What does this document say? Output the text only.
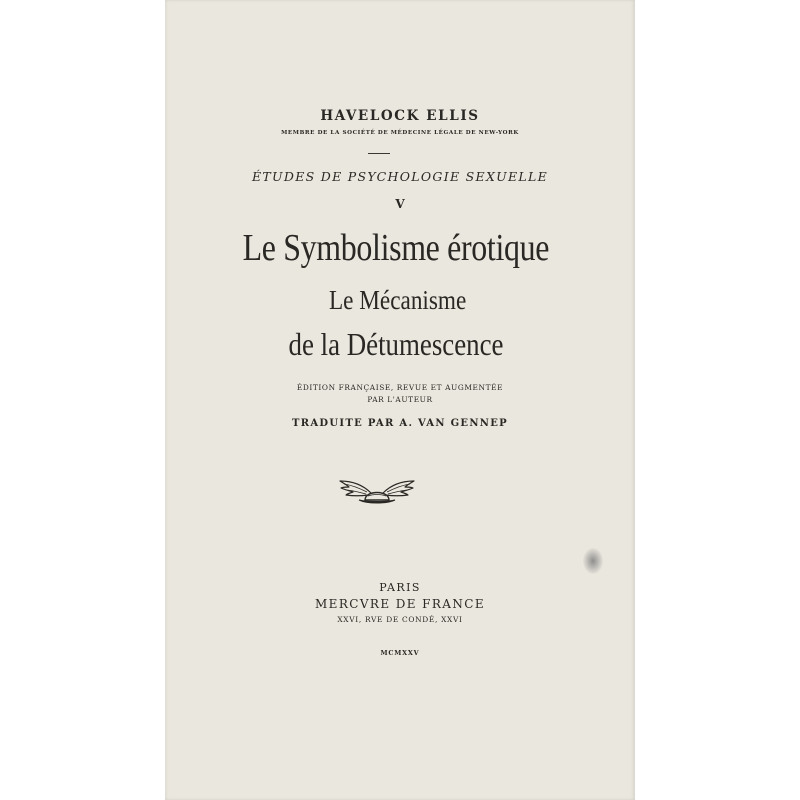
HAVELOCK ELLIS
MEMBRE DE LA SOCIÉTÉ DE MÉDECINE LÉGALE DE NEW-YORK
ÉTUDES DE PSYCHOLOGIE SEXUELLE
V
Le Symbolisme érotique
Le Mécanisme
de la Détumescence
ÉDITION FRANÇAISE, REVUE ET AUGMENTÉE
PAR L'AUTEUR
TRADUITE PAR A. VAN GENNEP
PARIS
MERCVRE DE FRANCE
XXVI, RVE DE CONDÉ, XXVI
MCMXXV
